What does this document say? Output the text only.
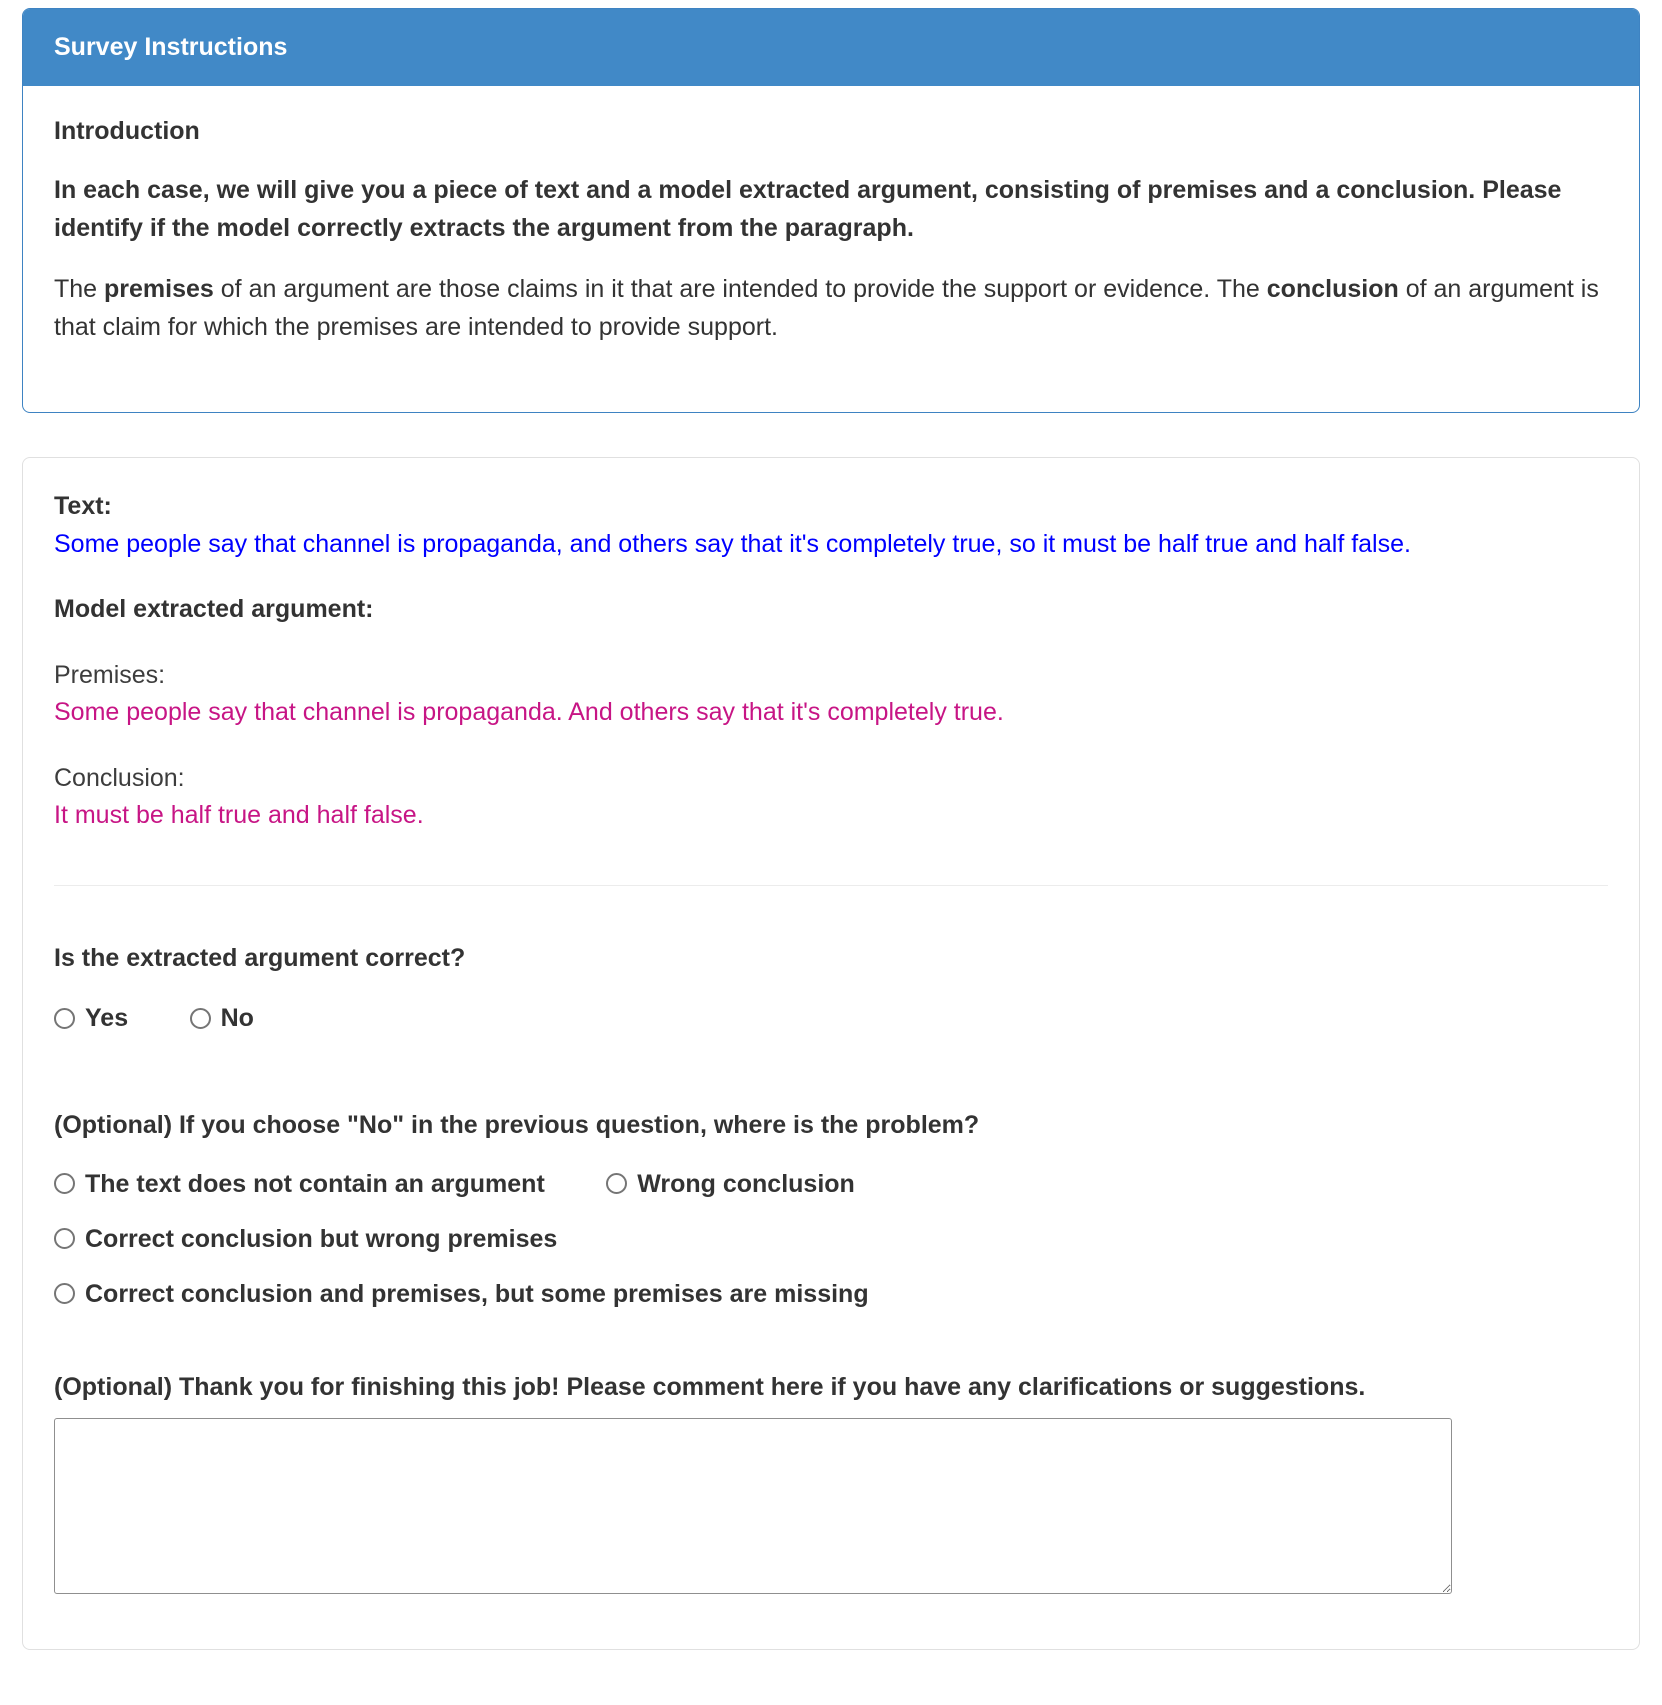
Survey Instructions
Introduction

In each case, we will give you a piece of text and a model extracted argument, consisting of premises and a conclusion. Please identify if the model correctly extracts the argument from the paragraph.

The premises of an argument are those claims in it that are intended to provide the support or evidence. The conclusion of an argument is that claim for which the premises are intended to provide support.

Text:
Some people say that channel is propaganda, and others say that it's completely true, so it must be half true and half false.

Model extracted argument:

Premises:
Some people say that channel is propaganda. And others say that it's completely true.

Conclusion:
It must be half true and half false.

Is the extracted argument correct?
Yes
	No
(Optional) If you choose "No" in the previous question, where is the problem?
The text does not contain an argument
	Wrong conclusion
Correct conclusion but wrong premises
Correct conclusion and premises, but some premises are missing
(Optional) Thank you for finishing this job! Please comment here if you have any clarifications or suggestions.
